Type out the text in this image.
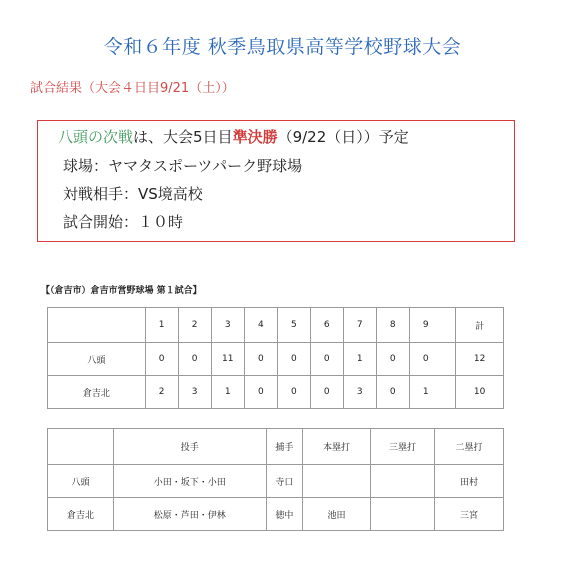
令和６年度 秋季鳥取県高等学校野球大会
試合結果（大会４日目9/21（土））
八頭の次戦は、大会5日目準決勝（9/22（日））予定
球場：ヤマタスポーツパーク野球場
対戦相手：VS境高校
試合開始：１０時
【（倉吉市）倉吉市営野球場 第１試合】
	1	2	3	4	5	6	7	8	9		計
八頭	0	0	11	0	0	0	1	0	0		12
倉吉北	2	3	1	0	0	0	3	0	1		10
	投手	捕手	本塁打	三塁打	二塁打
八頭	小田・坂下・小田	寺口			田村
倉吉北	松原・芦田・伊林	徳中	池田		三宮
